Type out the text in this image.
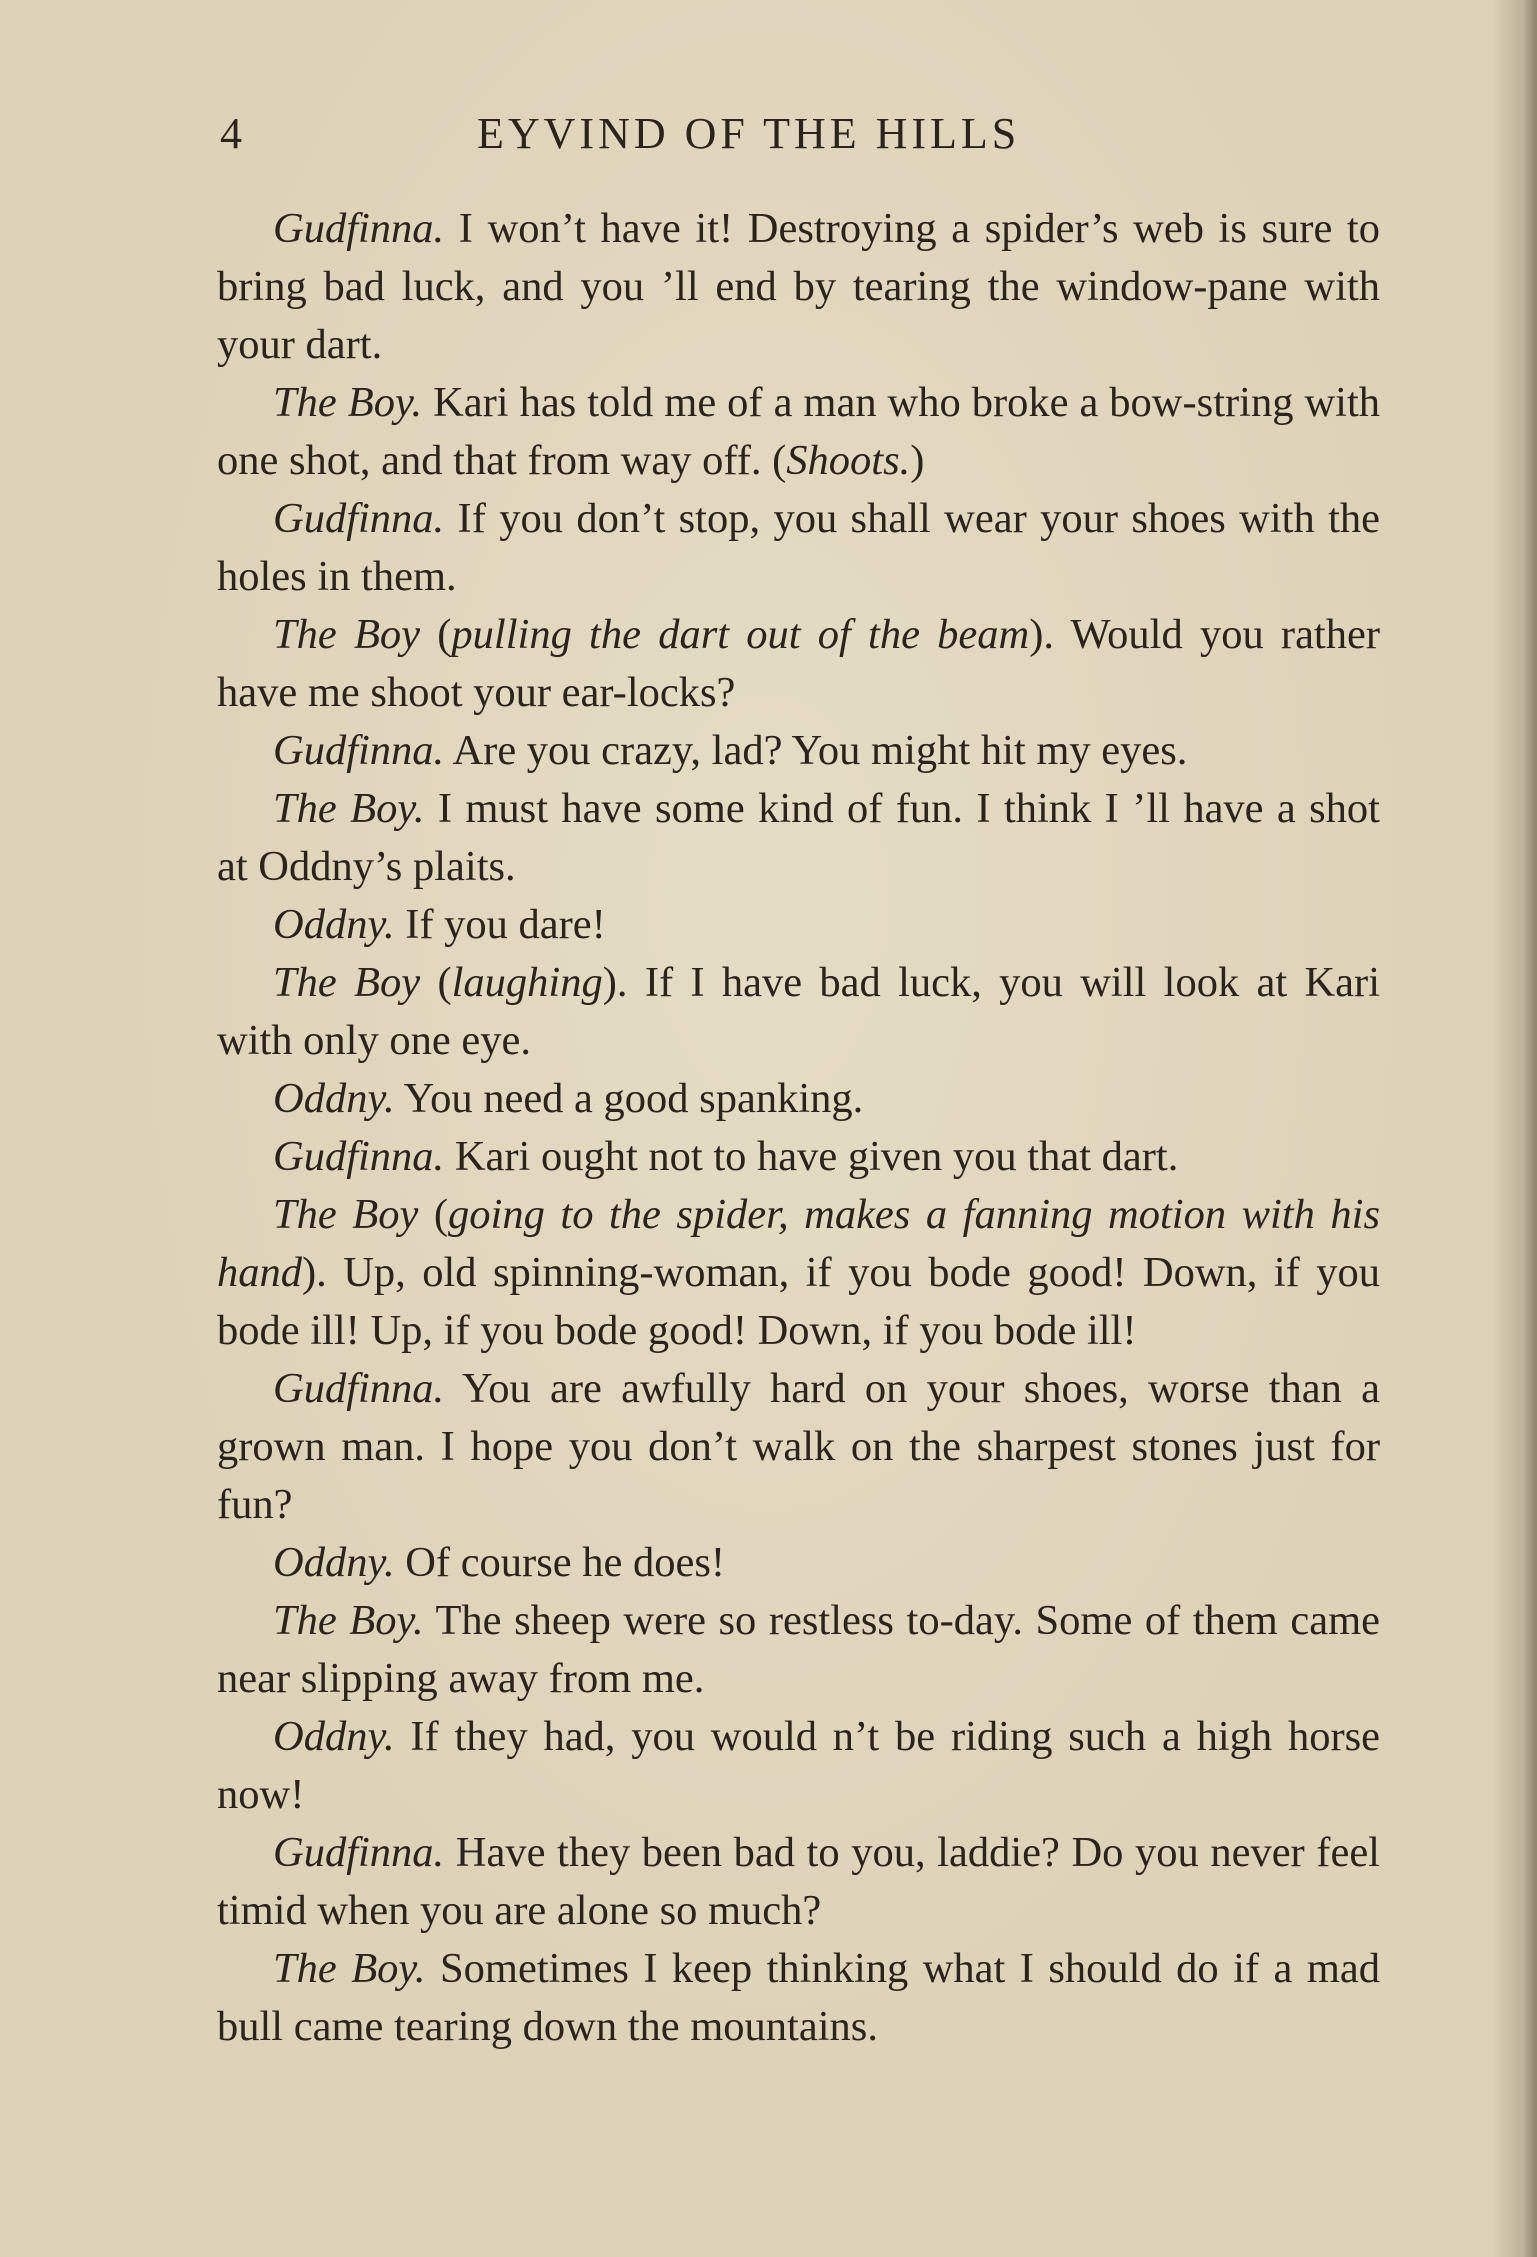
4	EYVIND OF THE HILLS

Gudfinna. I won’t have it! Destroying a spider’s web is sure to bring bad luck, and you ’ll end by tearing the window-pane with your dart.

The Boy. Kari has told me of a man who broke a bow-string with one shot, and that from way off. (Shoots.)

Gudfinna. If you don’t stop, you shall wear your shoes with the holes in them.

The Boy (pulling the dart out of the beam). Would you rather have me shoot your ear-locks?

Gudfinna. Are you crazy, lad? You might hit my eyes.

The Boy. I must have some kind of fun. I think I ’ll have a shot at Oddny’s plaits.

Oddny. If you dare!

The Boy (laughing). If I have bad luck, you will look at Kari with only one eye.

Oddny. You need a good spanking.

Gudfinna. Kari ought not to have given you that dart.

The Boy (going to the spider, makes a fanning motion with his hand). Up, old spinning-woman, if you bode good! Down, if you bode ill! Up, if you bode good! Down, if you bode ill!

Gudfinna. You are awfully hard on your shoes, worse than a grown man. I hope you don’t walk on the sharpest stones just for fun?

Oddny. Of course he does!

The Boy. The sheep were so restless to-day. Some of them came near slipping away from me.

Oddny. If they had, you would n’t be riding such a high horse now!

Gudfinna. Have they been bad to you, laddie? Do you never feel timid when you are alone so much?

The Boy. Sometimes I keep thinking what I should do if a mad bull came tearing down the mountains.
